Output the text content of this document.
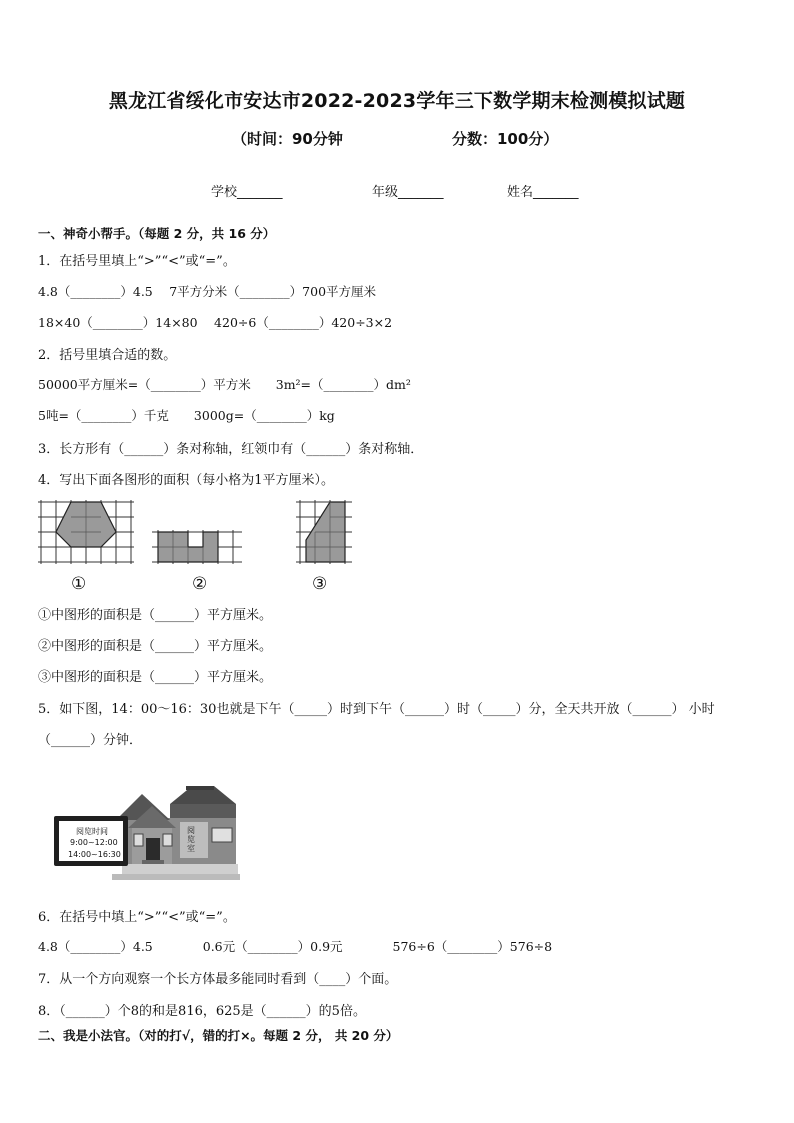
黑龙江省绥化市安达市2022-2023学年三下数学期末检测模拟试题
（时间：90分钟	分数：100分）
学校_______	年级_______	姓名_______
一、神奇小帮手。（每题 2 分，共 16 分）
1．在括号里填上“>”“<”或“=”。
4.8（________）4.5　 7平方分米（________）700平方厘米
18×40（________）14×80　 420÷6（________）420÷3×2
2．括号里填合适的数。
50000平方厘米=（________）平方米　　3m²=（________）dm²
5吨=（________）千克　　3000g=（________）kg
3．长方形有（______）条对称轴，红领巾有（______）条对称轴．
4．写出下面各图形的面积（每小格为1平方厘米）。
①	②	③
①中图形的面积是（______）平方厘米。
②中图形的面积是（______）平方厘米。
③中图形的面积是（______）平方厘米。
5．如下图，14：00～16：30也就是下午（_____）时到下午（______）时（_____）分，全天共开放（______） 小时
（______）分钟．
阅览时间
9:00~12:00
14:00~16:30
阅览室
6．在括号中填上“>”“<”或“=”。
4.8（________）4.5　　　　0.6元（________）0.9元　　　　576÷6（________）576÷8
7．从一个方向观察一个长方体最多能同时看到（____）个面。
8．（______）个8的和是816，625是（______）的5倍。
二、我是小法官。（对的打√，错的打×。每题 2 分， 共 20 分）
